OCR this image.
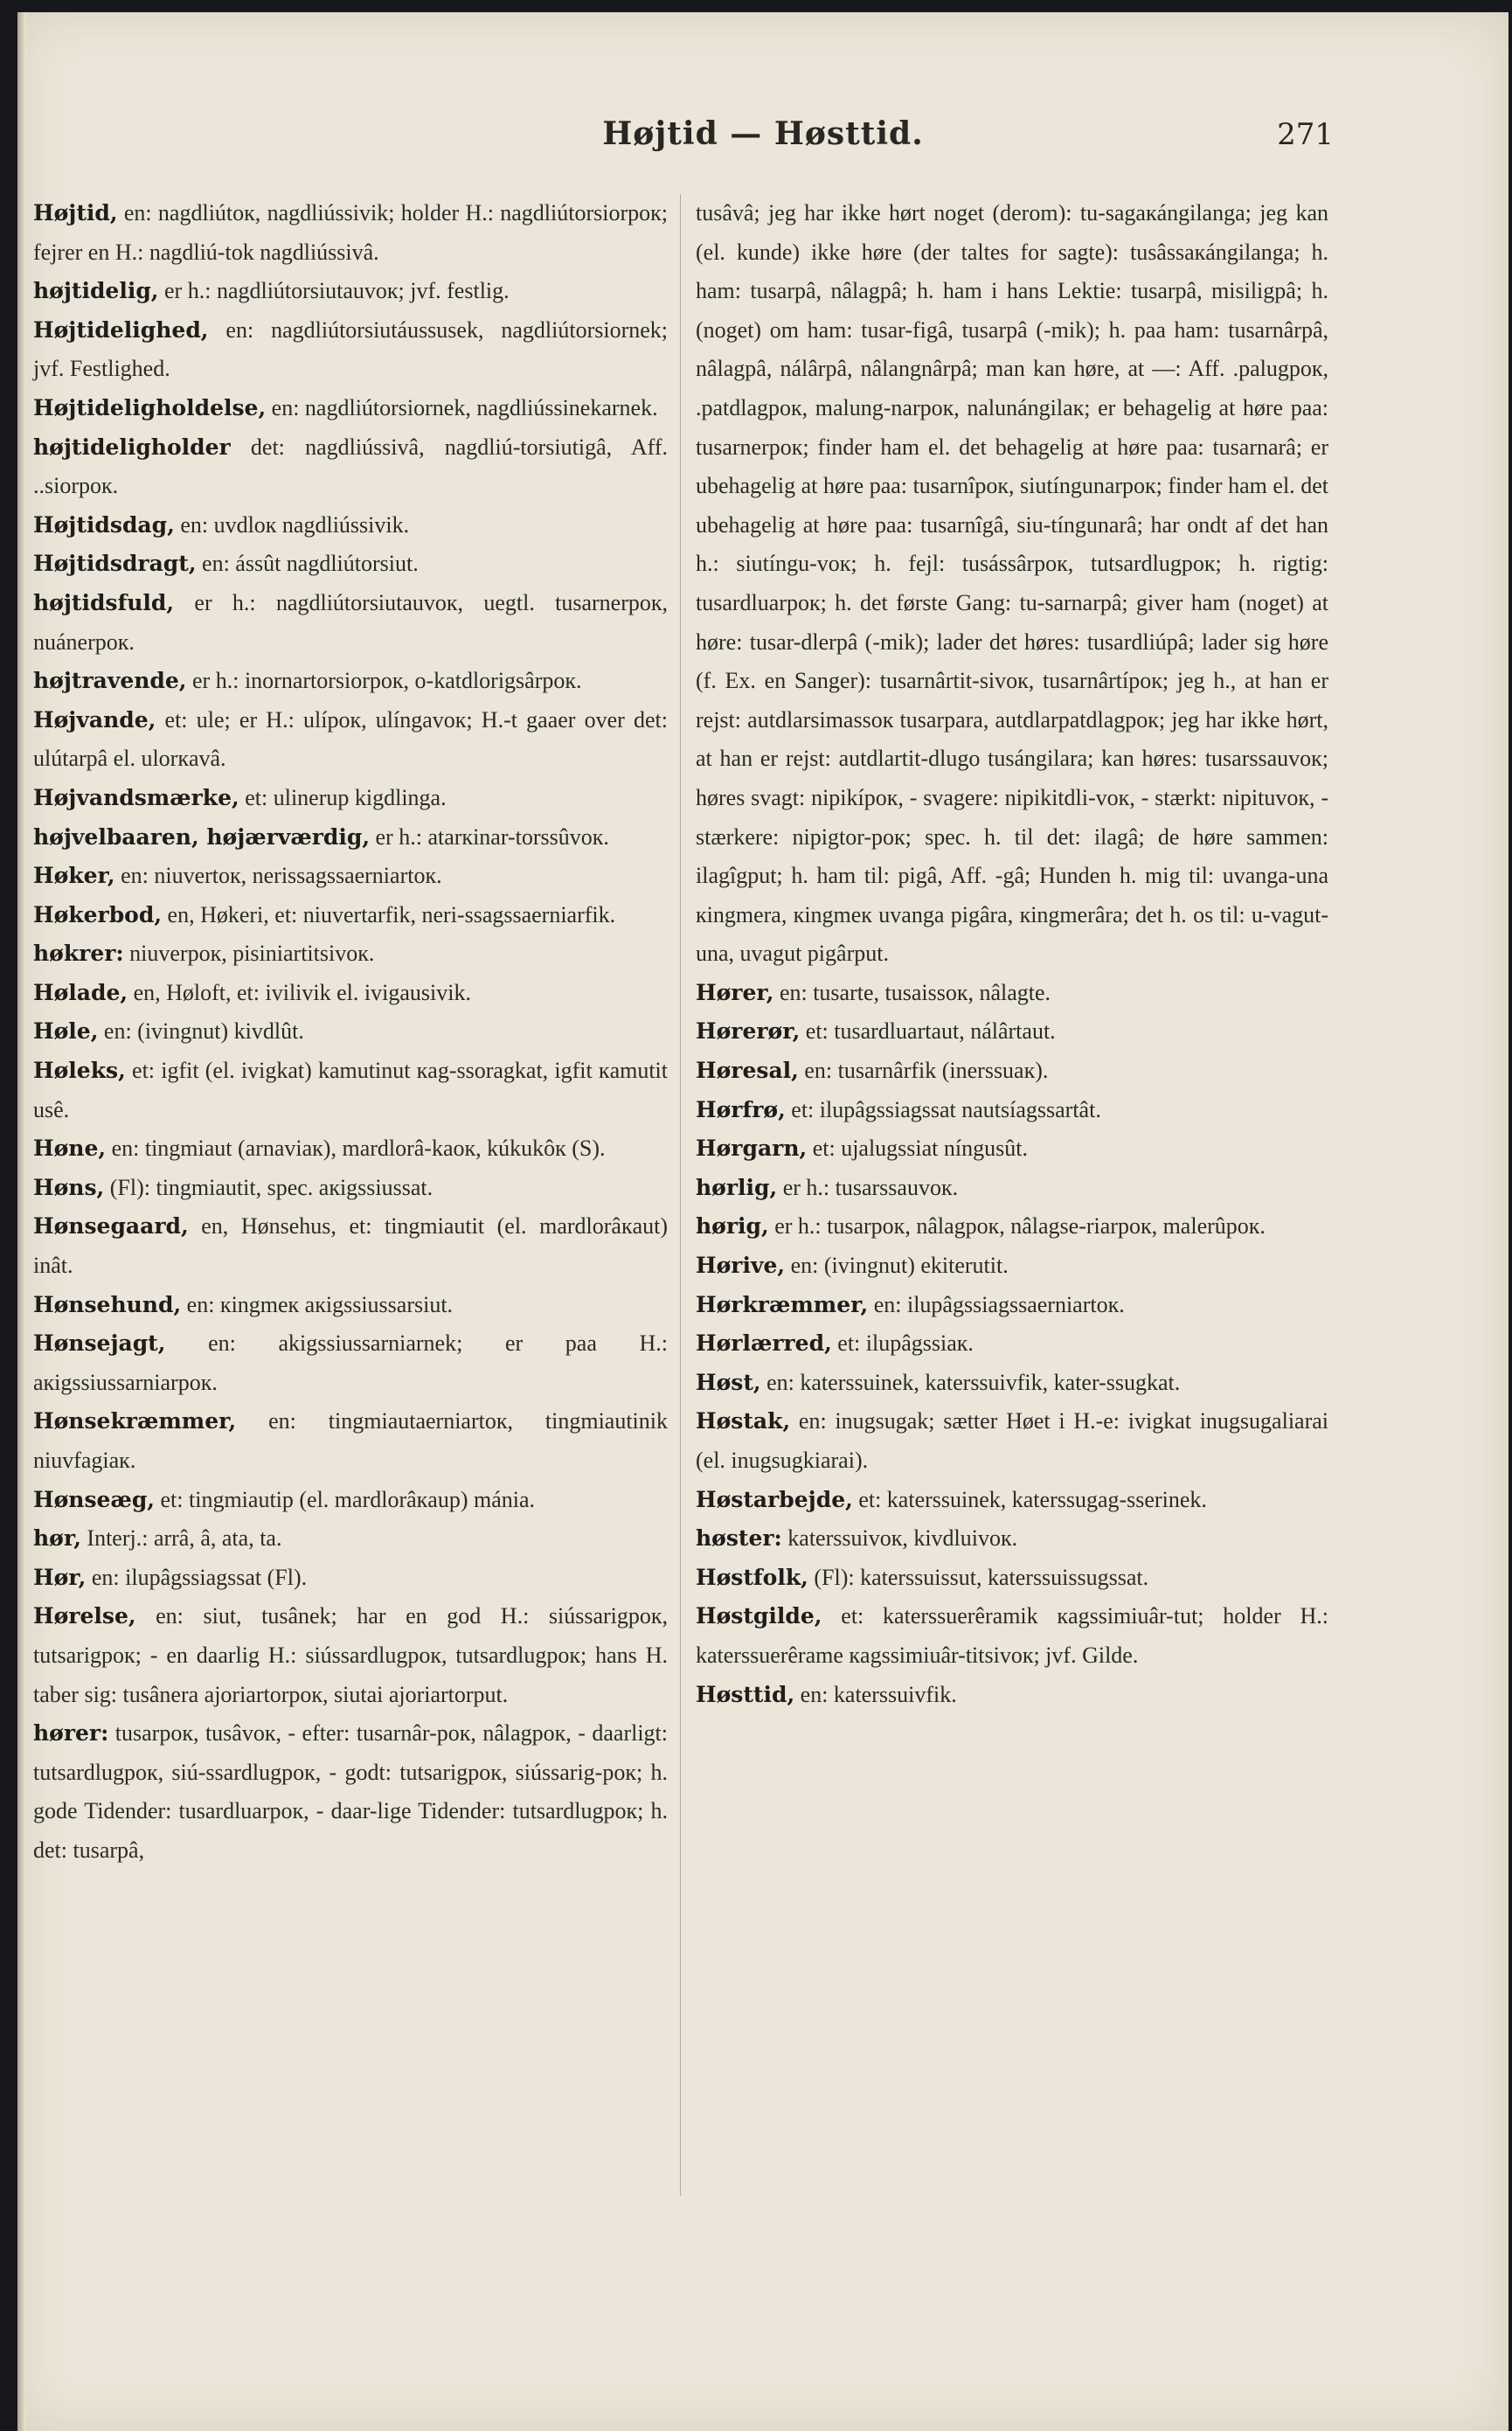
Højtid — Høsttid.	271

Højtid, en: nagdliútoк, nagdliússivik; holder H.: nagdliútorsiorpoк; fejrer en H.: nagdliú-tok nagdliússivâ.

højtidelig, er h.: nagdliútorsiutauvoк; jvf. festlig.

Højtidelighed, en: nagdliútorsiutáussusek, nagdliútorsiornek; jvf. Festlighed.

Højtideligholdelse, en: nagdliútorsiornek, nagdliússinekarnek.

højtideligholder det: nagdliússivâ, nagdliú-torsiutigâ, Aff. ..siorpoк.

Højtidsdag, en: uvdloк nagdliússivik.

Højtidsdragt, en: ássût nagdliútorsiut.

højtidsfuld, er h.: nagdliútorsiutauvoк, uegtl. tusarnerpoк, nuánerpoк.

højtravende, er h.: inornartorsiorpoк, o-katdlorigsârpoк.

Højvande, et: ule; er H.: ulípoк, ulíngavoк; H.-t gaaer over det: ulútarpâ el. ulorкavâ.

Højvandsmærke, et: ulinerup kigdlinga.

højvelbaaren, højærværdig, er h.: atarкinar-torssûvoк.

Høker, en: niuvertoк, nerissagssaerniartoк.

Høkerbod, en, Høkeri, et: niuvertarfik, neri-ssagssaerniarfik.

høkrer: niuverpoк, pisiniartitsivoк.

Hølade, en, Høloft, et: ivilivik el. ivigausivik.

Høle, en: (ivingnut) kivdlût.

Høleks, et: igfit (el. ivigkat) kamutinut кag-ssoragkat, igfit кamutit usê.

Høne, en: tingmiaut (arnaviaк), mardlorâ-kaoк, kúkukôк (S).

Høns, (Fl): tingmiautit, spec. aкigssiussat.

Hønsegaard, en, Hønsehus, et: tingmiautit (el. mardlorâкaut) inât.

Hønsehund, en: кingmeк aкigssiussarsiut.

Hønsejagt, en: akigssiussarniarnek; er paa H.: aкigssiussarniarpoк.

Hønsekræmmer, en: tingmiautaerniartoк, tingmiautinik niuvfagiaк.

Hønseæg, et: tingmiautip (el. mardlorâкaup) mánia.

hør, Interj.: arrâ, â, ata, ta.

Hør, en: ilupâgssiagssat (Fl).

Hørelse, en: siut, tusânek; har en god H.: siússarigpoк, tutsarigpoк; - en daarlig H.: siússardlugpoк, tutsardlugpoк; hans H. taber sig: tusânera ajoriartorpoк, siutai ajoriartorput.

hører: tusarpoк, tusâvoк, - efter: tusarnâr-poк, nâlagpoк, - daarligt: tutsardlugpoк, siú-ssardlugpoк, - godt: tutsarigpoк, siússarig-poк; h. gode Tidender: tusardluarpoк, - daar-lige Tidender: tutsardlugpoк; h. det: tusarpâ,

tusâvâ; jeg har ikke hørt noget (derom): tu-sagaкángilanga; jeg kan (el. kunde) ikke høre (der taltes for sagte): tusâssaкángilanga; h. ham: tusarpâ, nâlagpâ; h. ham i hans Lektie: tusarpâ, misiligpâ; h. (noget) om ham: tusar-figâ, tusarpâ (-mik); h. paa ham: tusarnârpâ, nâlagpâ, nálârpâ, nâlangnârpâ; man kan høre, at —: Aff. .palugpoк, .patdlagpoк, malung-narpoк, nalunángilaк; er behagelig at høre paa: tusarnerpoк; finder ham el. det behagelig at høre paa: tusarnarâ; er ubehagelig at høre paa: tusarnîpoк, siutíngunarpoк; finder ham el. det ubehagelig at høre paa: tusarnîgâ, siu-tíngunarâ; har ondt af det han h.: siutíngu-voк; h. fejl: tusássârpoк, tutsardlugpoк; h. rigtig: tusardluarpoк; h. det første Gang: tu-sarnarpâ; giver ham (noget) at høre: tusar-dlerpâ (-mik); lader det høres: tusardliúpâ; lader sig høre (f. Ex. en Sanger): tusarnârtit-sivoк, tusarnârtípoк; jeg h., at han er rejst: autdlarsimassoк tusarpara, autdlarpatdlagpoк; jeg har ikke hørt, at han er rejst: autdlartit-dlugo tusángilara; kan høres: tusarssauvoк; høres svagt: nipikípoк, - svagere: nipikitdli-voк, - stærkt: nipituvoк, - stærkere: nipigtor-poк; spec. h. til det: ilagâ; de høre sammen: ilagîgput; h. ham til: pigâ, Aff. -gâ; Hunden h. mig til: uvanga-una кingmera, кingmeк uvanga pigâra, кingmerâra; det h. os til: u-vagut-una, uvagut pigârput.

Hører, en: tusarte, tusaissoк, nâlagte.

Hørerør, et: tusardluartaut, nálârtaut.

Høresal, en: tusarnârfik (inerssuaк).

Hørfrø, et: ilupâgssiagssat nautsíagssartât.

Hørgarn, et: ujalugssiat níngusût.

hørlig, er h.: tusarssauvoк.

hørig, er h.: tusarpoк, nâlagpoк, nâlagse-riarpoк, malerûpoк.

Hørive, en: (ivingnut) ekiterutit.

Hørkræmmer, en: ilupâgssiagssaerniartoк.

Hørlærred, et: ilupâgssiaк.

Høst, en: katerssuinek, katerssuivfik, kater-ssugkat.

Høstak, en: inugsugak; sætter Høet i H.-e: ivigkat inugsugaliarai (el. inugsugkiarai).

Høstarbejde, et: katerssuinek, katerssugag-sserinek.

høster: katerssuivoк, kivdluivoк.

Høstfolk, (Fl): katerssuissut, katerssuissugssat.

Høstgilde, et: katerssuerêramik кagssimiuâr-tut; holder H.: katerssuerêrame кagssimiuâr-titsivoк; jvf. Gilde.

Høsttid, en: katerssuivfik.
